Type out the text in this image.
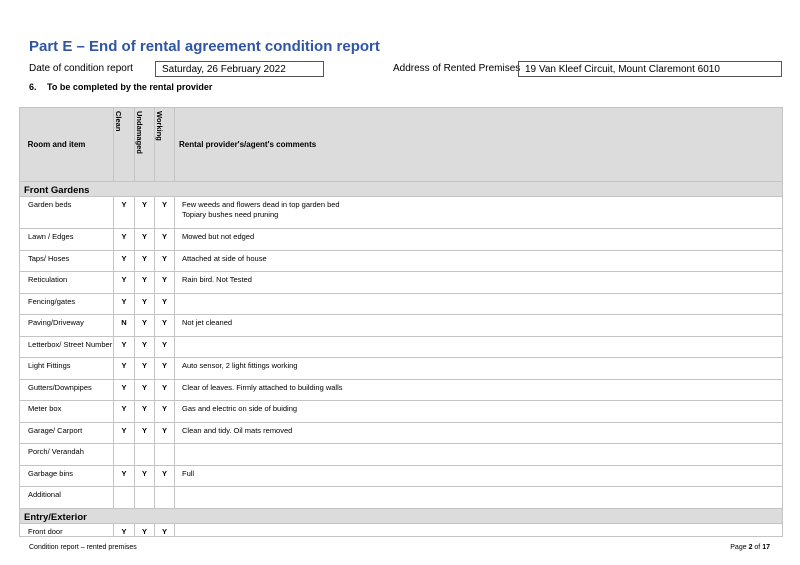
Part E – End of rental agreement condition report
Date of condition report	Saturday, 26 February 2022	Address of Rented Premises 19 Van Kleef Circuit, Mount Claremont 6010
6. To be completed by the rental provider
Room and item	Clean	Undamaged	Working	Rental provider's/agent's comments
Front Gardens				
Garden beds	Y	Y	Y	Few weeds and flowers dead in top garden bed
Topiary bushes need pruning

Lawn / Edges	Y	Y	Y	Mowed but not edged
Taps/ Hoses	Y	Y	Y	Attached at side of house
Reticulation	Y	Y	Y	Rain bird. Not Tested
Fencing/gates	Y	Y	Y	
Paving/Driveway	N	Y	Y	Not jet cleaned
Letterbox/ Street Number	Y	Y	Y	
Light Fittings	Y	Y	Y	Auto sensor, 2 light fittings working
Gutters/Downpipes	Y	Y	Y	Clear of leaves. Firmly attached to building walls
Meter box	Y	Y	Y	Gas and electric on side of buiding
Garage/ Carport	Y	Y	Y	Clean and tidy. Oil mats removed
Porch/ Verandah				
Garbage bins	Y	Y	Y	Full
Additional				
Entry/Exterior				
Front door	Y	Y	Y	
Condition report – rented premises	Page 2 of 17
